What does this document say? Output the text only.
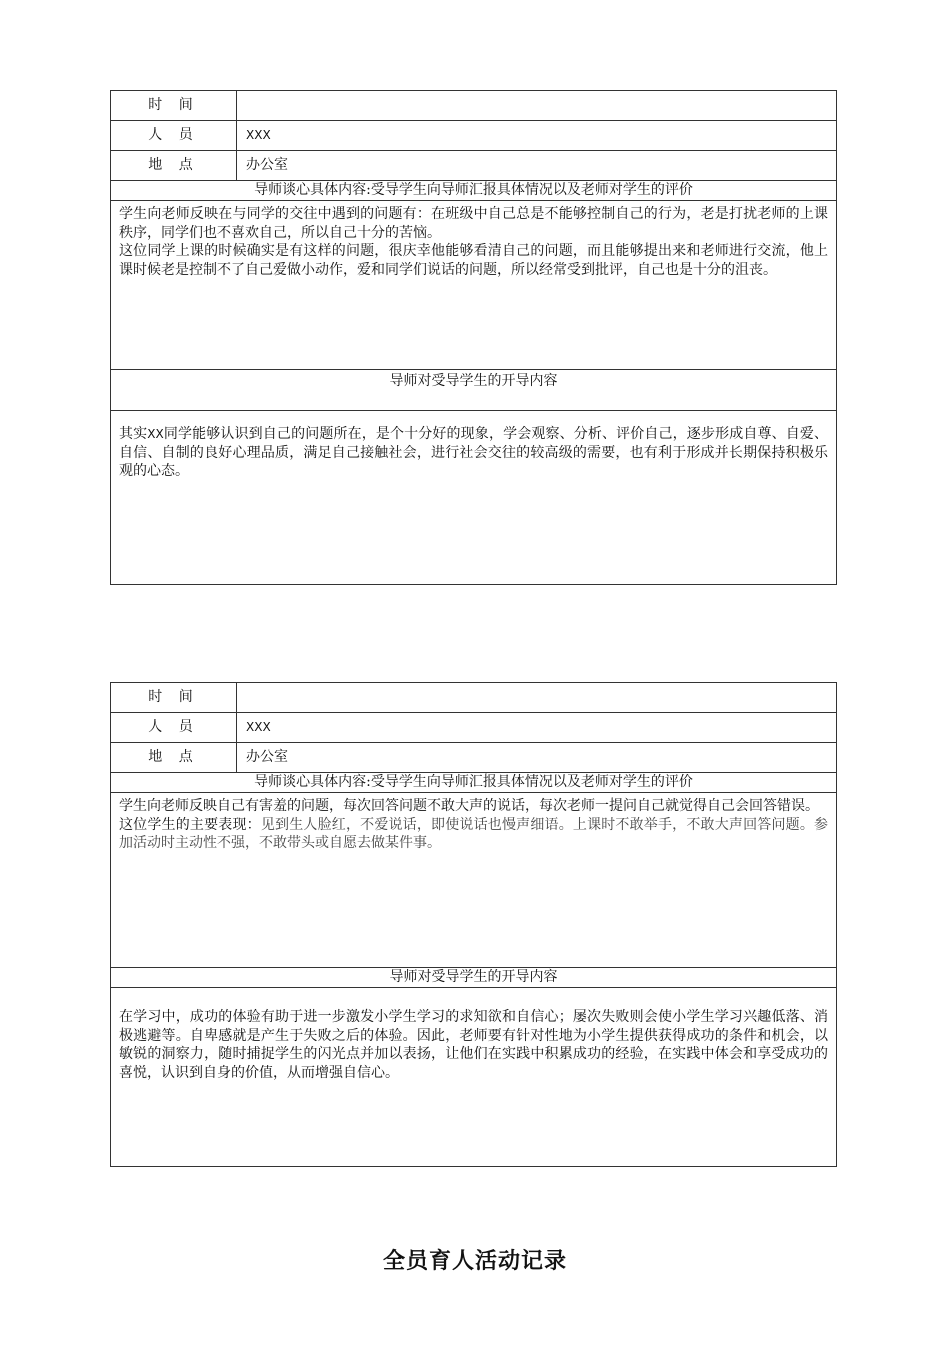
时 间	
人 员	XXX
地 点	办公室
导师谈心具体内容:受导学生向导师汇报具体情况以及老师对学生的评价	

学生向老师反映在与同学的交往中遇到的问题有：在班级中自己总是不能够控制自己的行为，老是打扰老师的上课秩序，同学们也不喜欢自己，所以自己十分的苦恼。
这位同学上课的时候确实是有这样的问题，很庆幸他能够看清自己的问题，而且能够提出来和老师进行交流，他上课时候老是控制不了自己爱做小动作，爱和同学们说话的问题，所以经常受到批评，自己也是十分的沮丧。	

导师对受导学生的开导内容	
其实XX同学能够认识到自己的问题所在，是个十分好的现象，学会观察、分析、评价自己，逐步形成自尊、自爱、自信、自制的良好心理品质，满足自己接触社会，进行社会交往的较高级的需要，也有利于形成并长期保持积极乐观的心态。	
时 间	
人 员	XXX
地 点	办公室
导师谈心具体内容:受导学生向导师汇报具体情况以及老师对学生的评价	

学生向老师反映自己有害羞的问题，每次回答问题不敢大声的说话，每次老师一提问自己就觉得自己会回答错误。
这位学生的主要表现：见到生人脸红，不爱说话，即使说话也慢声细语。上课时不敢举手，不敢大声回答问题。参加活动时主动性不强，不敢带头或自愿去做某件事。	

导师对受导学生的开导内容	
在学习中，成功的体验有助于进一步激发小学生学习的求知欲和自信心；屡次失败则会使小学生学习兴趣低落、消极逃避等。自卑感就是产生于失败之后的体验。因此，老师要有针对性地为小学生提供获得成功的条件和机会，以敏锐的洞察力，随时捕捉学生的闪光点并加以表扬，让他们在实践中积累成功的经验，在实践中体会和享受成功的喜悦，认识到自身的价值，从而增强自信心。	
全员育人活动记录
